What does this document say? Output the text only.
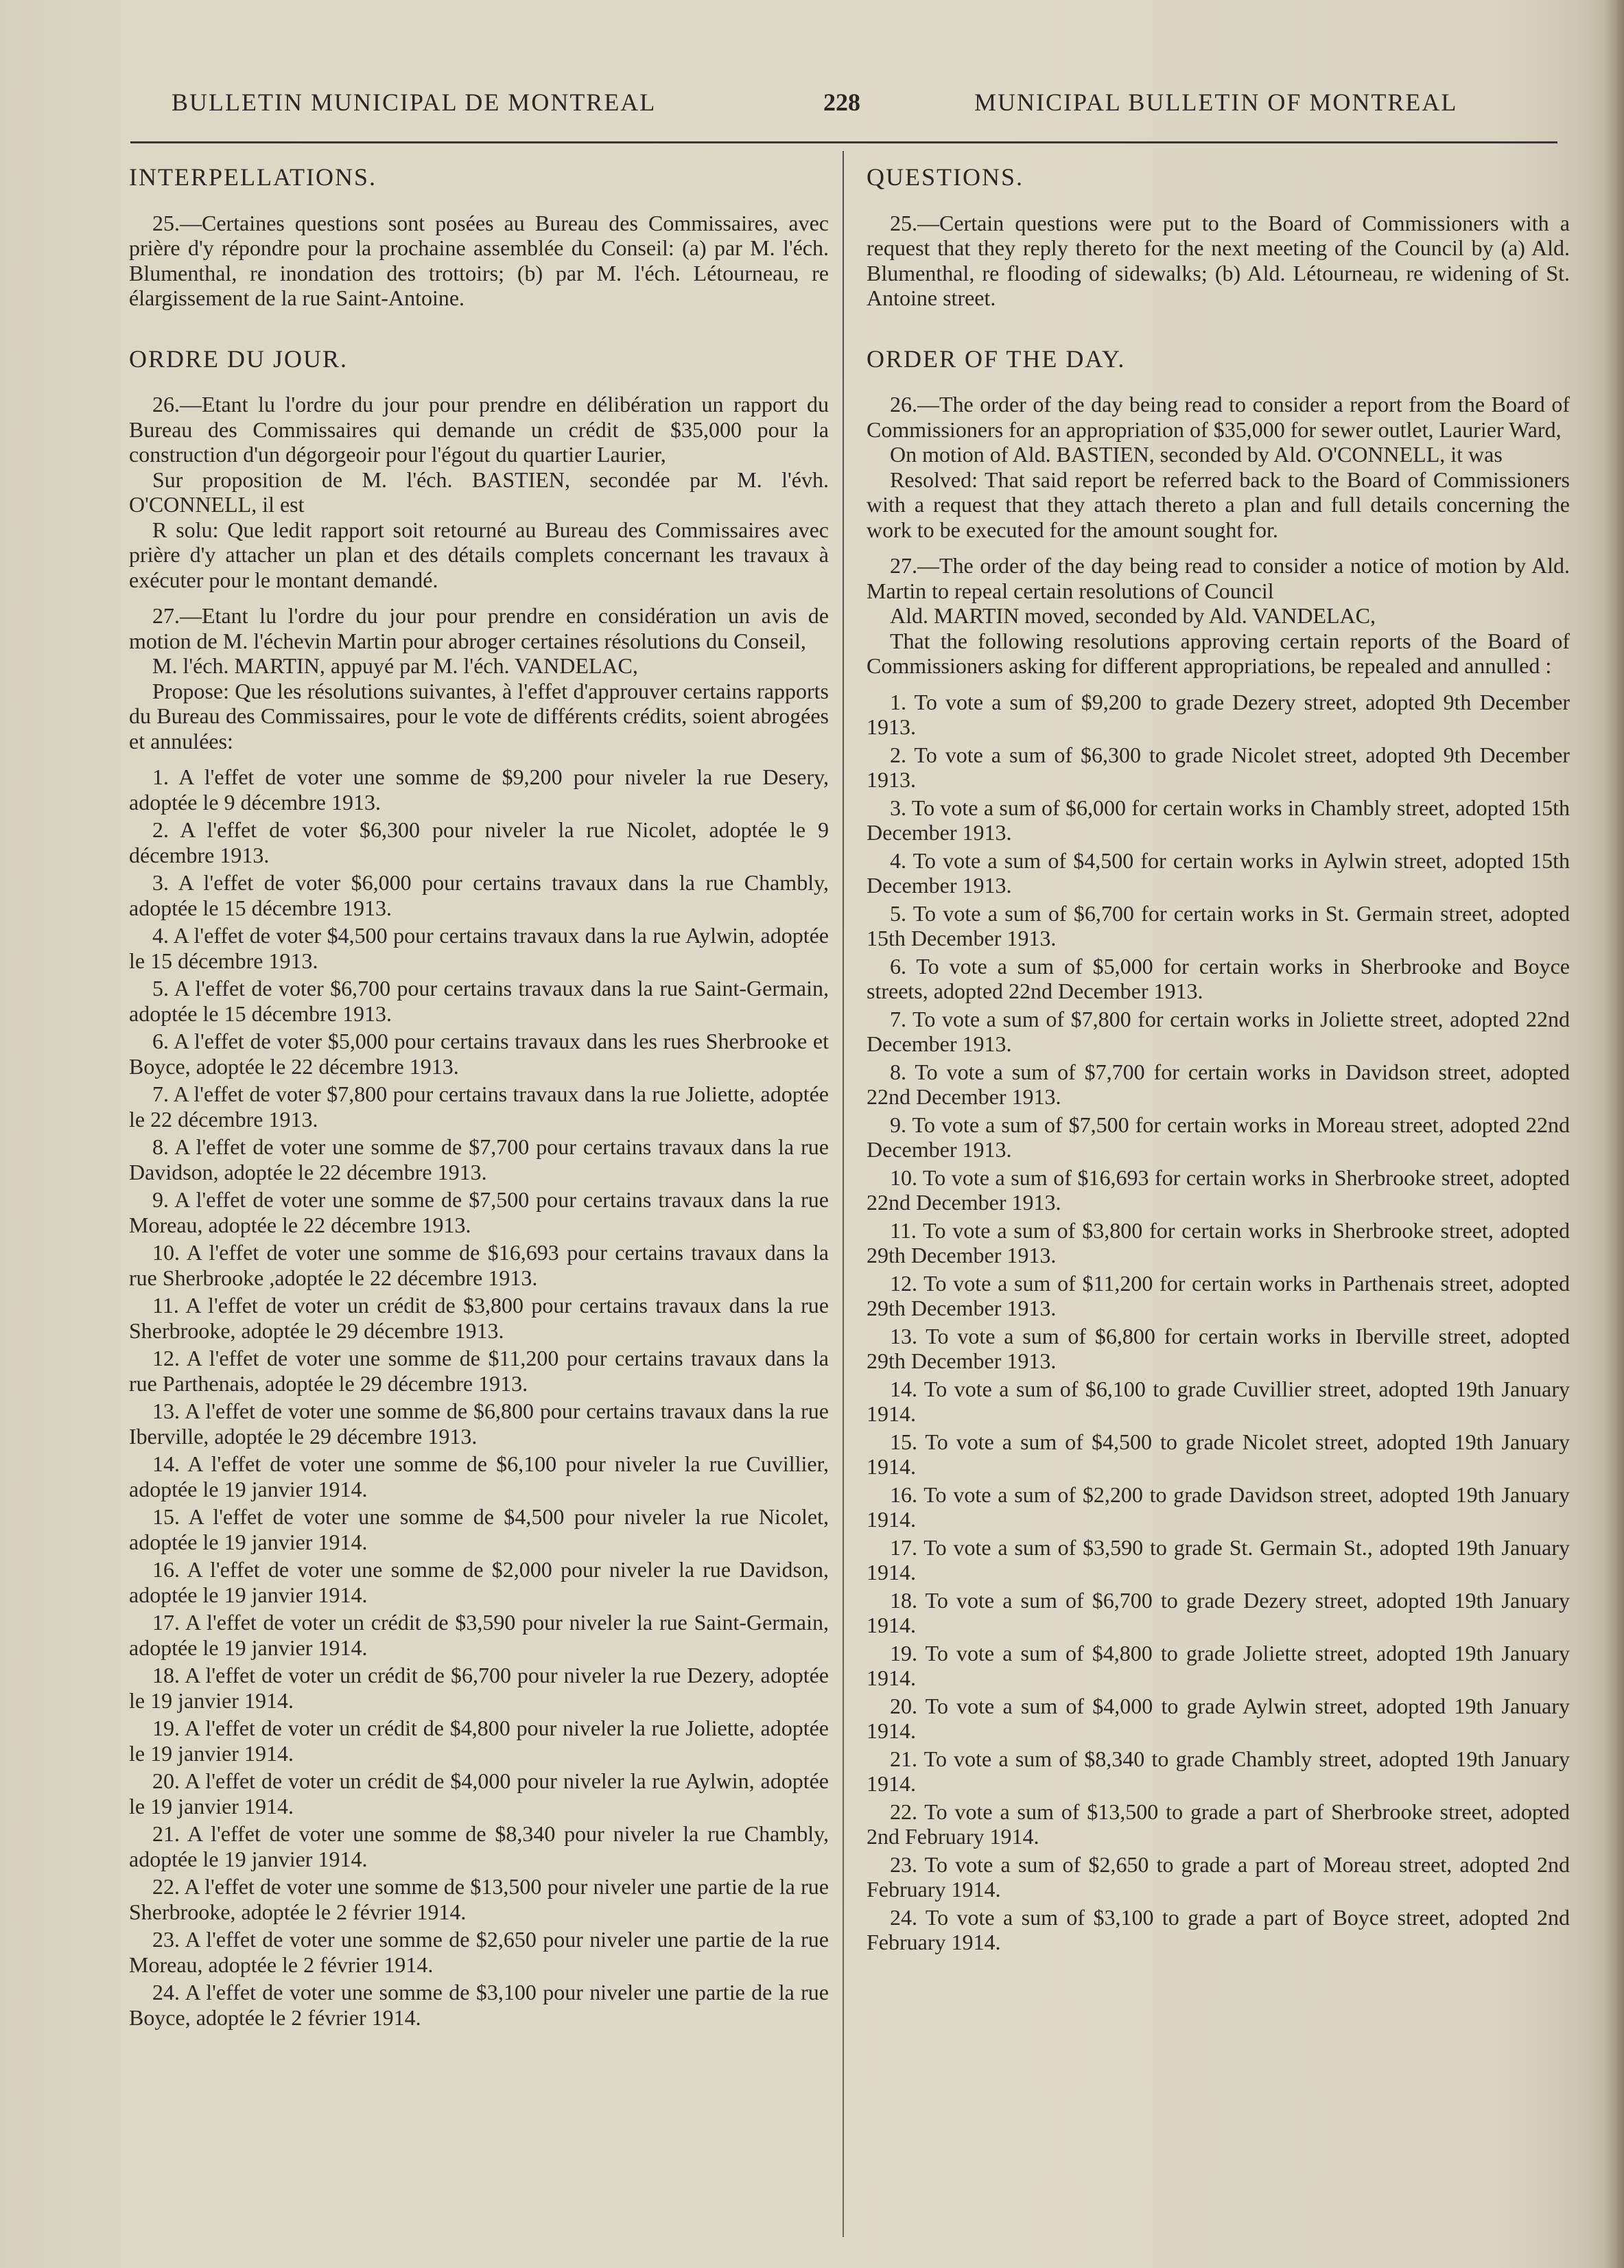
BULLETIN MUNICIPAL DE MONTREAL	228	MUNICIPAL BULLETIN OF MONTREAL
INTERPELLATIONS.

25.—Certaines questions sont posées au Bureau des Commissaires, avec prière d'y répondre pour la prochaine assemblée du Conseil: (a) par M. l'éch. Blumenthal, re inondation des trottoirs; (b) par M. l'éch. Létourneau, re élargissement de la rue Saint-Antoine.

ORDRE DU JOUR.

26.—Etant lu l'ordre du jour pour prendre en délibération un rapport du Bureau des Commissaires qui demande un crédit de $35,000 pour la construction d'un dégorgeoir pour l'égout du quartier Laurier,

Sur proposition de M. l'éch. BASTIEN, secondée par M. l'évh. O'CONNELL, il est

R solu: Que ledit rapport soit retourné au Bureau des Commissaires avec prière d'y attacher un plan et des détails complets concernant les travaux à exécuter pour le montant demandé.

27.—Etant lu l'ordre du jour pour prendre en considération un avis de motion de M. l'échevin Martin pour abroger certaines résolutions du Conseil,

M. l'éch. MARTIN, appuyé par M. l'éch. VANDELAC,

Propose: Que les résolutions suivantes, à l'effet d'approuver certains rapports du Bureau des Commissaires, pour le vote de différents crédits, soient abrogées et annulées:

1. A l'effet de voter une somme de $9,200 pour niveler la rue Desery, adoptée le 9 décembre 1913.
2. A l'effet de voter $6,300 pour niveler la rue Nicolet, adoptée le 9 décembre 1913.
3. A l'effet de voter $6,000 pour certains travaux dans la rue Chambly, adoptée le 15 décembre 1913.
4. A l'effet de voter $4,500 pour certains travaux dans la rue Aylwin, adoptée le 15 décembre 1913.
5. A l'effet de voter $6,700 pour certains travaux dans la rue Saint-Germain, adoptée le 15 décembre 1913.
6. A l'effet de voter $5,000 pour certains travaux dans les rues Sherbrooke et Boyce, adoptée le 22 décembre 1913.
7. A l'effet de voter $7,800 pour certains travaux dans la rue Joliette, adoptée le 22 décembre 1913.
8. A l'effet de voter une somme de $7,700 pour certains travaux dans la rue Davidson, adoptée le 22 décembre 1913.
9. A l'effet de voter une somme de $7,500 pour certains travaux dans la rue Moreau, adoptée le 22 décembre 1913.
10. A l'effet de voter une somme de $16,693 pour certains travaux dans la rue Sherbrooke ,adoptée le 22 décembre 1913.
11. A l'effet de voter un crédit de $3,800 pour certains travaux dans la rue Sherbrooke, adoptée le 29 décembre 1913.
12. A l'effet de voter une somme de $11,200 pour certains travaux dans la rue Parthenais, adoptée le 29 décembre 1913.
13. A l'effet de voter une somme de $6,800 pour certains travaux dans la rue Iberville, adoptée le 29 décembre 1913.
14. A l'effet de voter une somme de $6,100 pour niveler la rue Cuvillier, adoptée le 19 janvier 1914.
15. A l'effet de voter une somme de $4,500 pour niveler la rue Nicolet, adoptée le 19 janvier 1914.
16. A l'effet de voter une somme de $2,000 pour niveler la rue Davidson, adoptée le 19 janvier 1914.
17. A l'effet de voter un crédit de $3,590 pour niveler la rue Saint-Germain, adoptée le 19 janvier 1914.
18. A l'effet de voter un crédit de $6,700 pour niveler la rue Dezery, adoptée le 19 janvier 1914.
19. A l'effet de voter un crédit de $4,800 pour niveler la rue Joliette, adoptée le 19 janvier 1914.
20. A l'effet de voter un crédit de $4,000 pour niveler la rue Aylwin, adoptée le 19 janvier 1914.
21. A l'effet de voter une somme de $8,340 pour niveler la rue Chambly, adoptée le 19 janvier 1914.
22. A l'effet de voter une somme de $13,500 pour niveler une partie de la rue Sherbrooke, adoptée le 2 février 1914.
23. A l'effet de voter une somme de $2,650 pour niveler une partie de la rue Moreau, adoptée le 2 février 1914.
24. A l'effet de voter une somme de $3,100 pour niveler une partie de la rue Boyce, adoptée le 2 février 1914.
QUESTIONS.

25.—Certain questions were put to the Board of Commissioners with a request that they reply thereto for the next meeting of the Council by (a) Ald. Blumenthal, re flooding of sidewalks; (b) Ald. Létourneau, re widening of St. Antoine street.

ORDER OF THE DAY.

26.—The order of the day being read to consider a report from the Board of Commissioners for an appropriation of $35,000 for sewer outlet, Laurier Ward,

On motion of Ald. BASTIEN, seconded by Ald. O'CONNELL, it was

Resolved: That said report be referred back to the Board of Commissioners with a request that they attach thereto a plan and full details concerning the work to be executed for the amount sought for.

27.—The order of the day being read to consider a notice of motion by Ald. Martin to repeal certain resolutions of Council

Ald. MARTIN moved, seconded by Ald. VANDELAC,

That the following resolutions approving certain reports of the Board of Commissioners asking for different appropriations, be repealed and annulled :

1. To vote a sum of $9,200 to grade Dezery street, adopted 9th December 1913.
2. To vote a sum of $6,300 to grade Nicolet street, adopted 9th December 1913.
3. To vote a sum of $6,000 for certain works in Chambly street, adopted 15th December 1913.
4. To vote a sum of $4,500 for certain works in Aylwin street, adopted 15th December 1913.
5. To vote a sum of $6,700 for certain works in St. Germain street, adopted 15th December 1913.
6. To vote a sum of $5,000 for certain works in Sherbrooke and Boyce streets, adopted 22nd December 1913.
7. To vote a sum of $7,800 for certain works in Joliette street, adopted 22nd December 1913.
8. To vote a sum of $7,700 for certain works in Davidson street, adopted 22nd December 1913.
9. To vote a sum of $7,500 for certain works in Moreau street, adopted 22nd December 1913.
10. To vote a sum of $16,693 for certain works in Sherbrooke street, adopted 22nd December 1913.
11. To vote a sum of $3,800 for certain works in Sherbrooke street, adopted 29th December 1913.
12. To vote a sum of $11,200 for certain works in Parthenais street, adopted 29th December 1913.
13. To vote a sum of $6,800 for certain works in Iberville street, adopted 29th December 1913.
14. To vote a sum of $6,100 to grade Cuvillier street, adopted 19th January 1914.
15. To vote a sum of $4,500 to grade Nicolet street, adopted 19th January 1914.
16. To vote a sum of $2,200 to grade Davidson street, adopted 19th January 1914.
17. To vote a sum of $3,590 to grade St. Germain St., adopted 19th January 1914.
18. To vote a sum of $6,700 to grade Dezery street, adopted 19th January 1914.
19. To vote a sum of $4,800 to grade Joliette street, adopted 19th January 1914.
20. To vote a sum of $4,000 to grade Aylwin street, adopted 19th January 1914.
21. To vote a sum of $8,340 to grade Chambly street, adopted 19th January 1914.
22. To vote a sum of $13,500 to grade a part of Sherbrooke street, adopted 2nd February 1914.
23. To vote a sum of $2,650 to grade a part of Moreau street, adopted 2nd February 1914.
24. To vote a sum of $3,100 to grade a part of Boyce street, adopted 2nd February 1914.
